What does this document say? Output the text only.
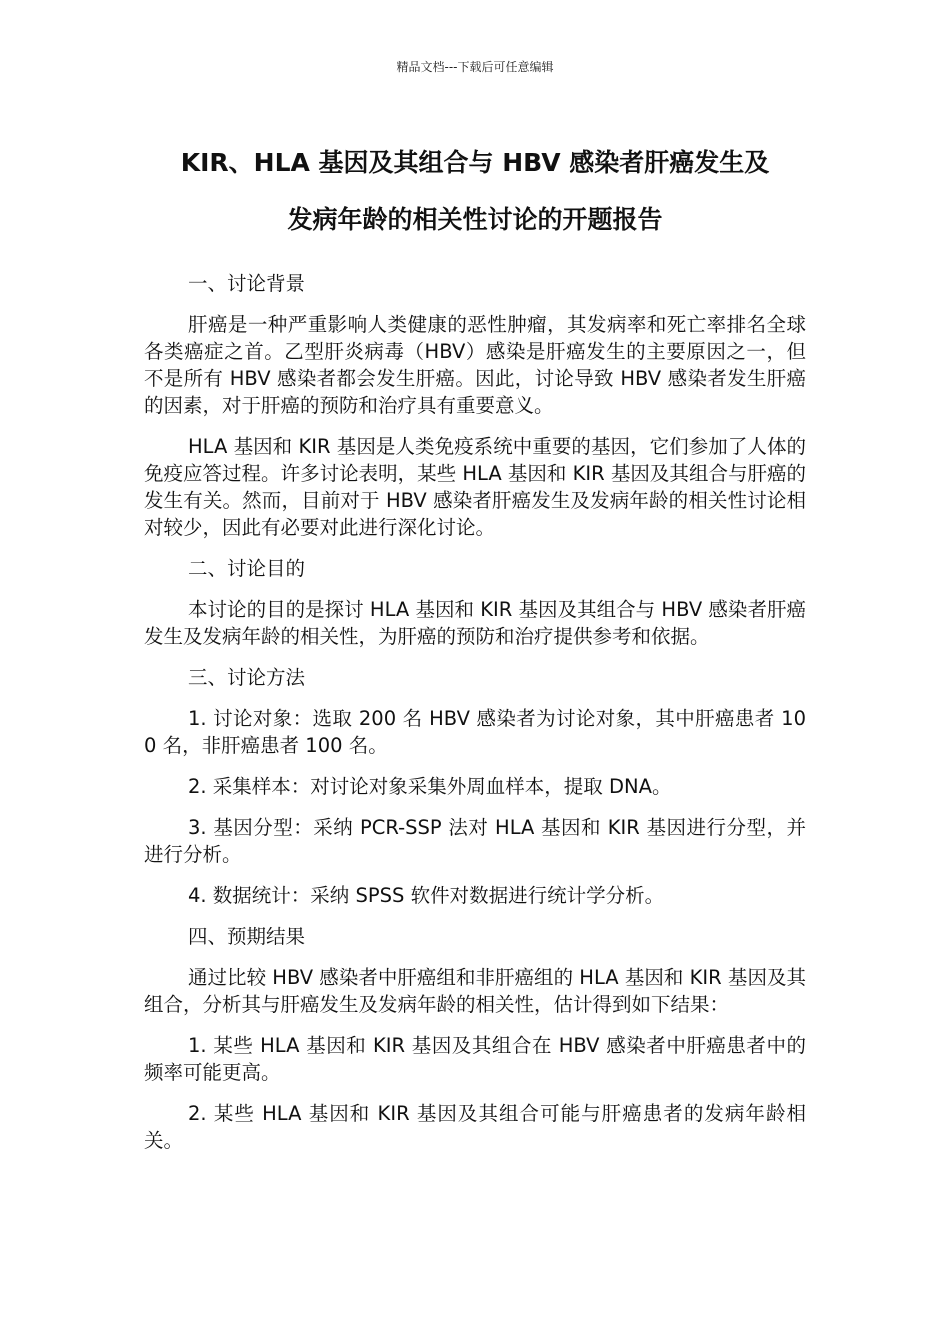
精品文档---下载后可任意编辑
KIR、HLA 基因及其组合与 HBV 感染者肝癌发生及
发病年龄的相关性讨论的开题报告

一、讨论背景

肝癌是一种严重影响人类健康的恶性肿瘤，其发病率和死亡率排名全球各类癌症之首。乙型肝炎病毒（HBV）感染是肝癌发生的主要原因之一，但不是所有 HBV 感染者都会发生肝癌。因此，讨论导致 HBV 感染者发生肝癌的因素，对于肝癌的预防和治疗具有重要意义。

HLA 基因和 KIR 基因是人类免疫系统中重要的基因，它们参加了人体的免疫应答过程。许多讨论表明，某些 HLA 基因和 KIR 基因及其组合与肝癌的发生有关。然而，目前对于 HBV 感染者肝癌发生及发病年龄的相关性讨论相对较少，因此有必要对此进行深化讨论。

二、讨论目的

本讨论的目的是探讨 HLA 基因和 KIR 基因及其组合与 HBV 感染者肝癌发生及发病年龄的相关性，为肝癌的预防和治疗提供参考和依据。

三、讨论方法

1. 讨论对象：选取 200 名 HBV 感染者为讨论对象，其中肝癌患者 100 名，非肝癌患者 100 名。

2. 采集样本：对讨论对象采集外周血样本，提取 DNA。

3. 基因分型：采纳 PCR-SSP 法对 HLA 基因和 KIR 基因进行分型，并进行分析。

4. 数据统计：采纳 SPSS 软件对数据进行统计学分析。

四、预期结果

通过比较 HBV 感染者中肝癌组和非肝癌组的 HLA 基因和 KIR 基因及其组合，分析其与肝癌发生及发病年龄的相关性，估计得到如下结果：

1. 某些 HLA 基因和 KIR 基因及其组合在 HBV 感染者中肝癌患者中的频率可能更高。

2. 某些 HLA 基因和 KIR 基因及其组合可能与肝癌患者的发病年龄相关。
